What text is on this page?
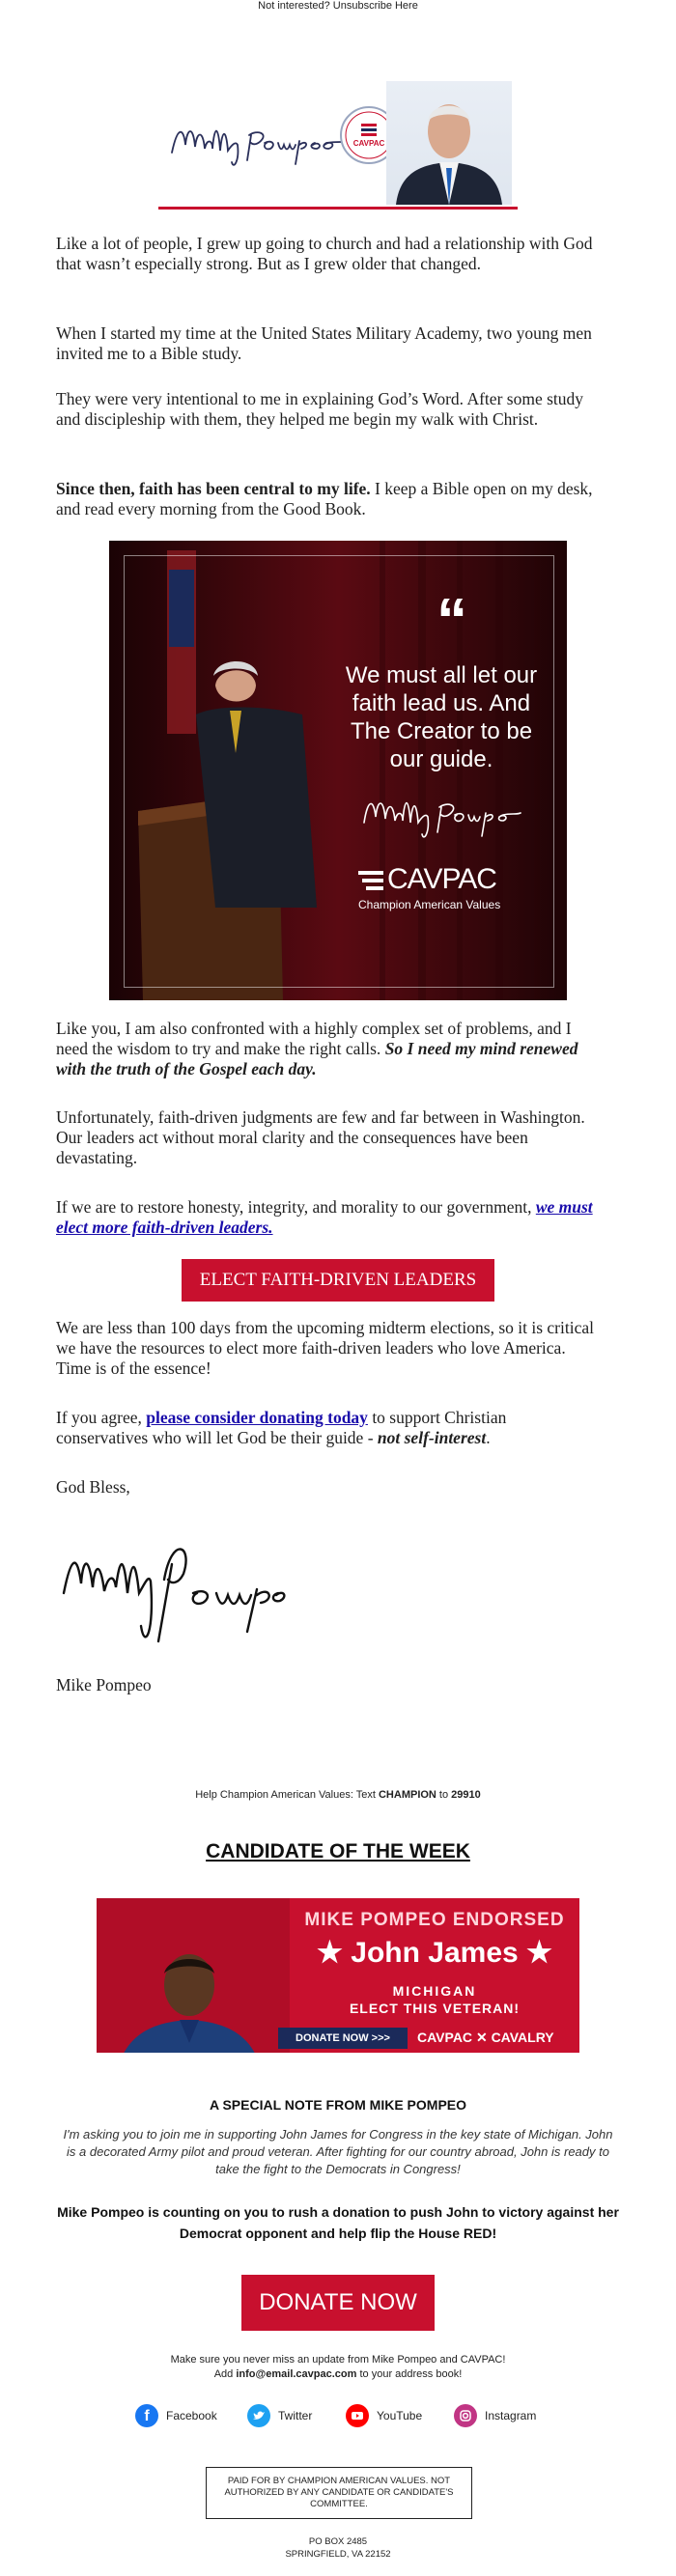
Not interested? Unsubscribe Here
CAVPAC

Like a lot of people, I grew up going to church and had a relationship with God that wasn’t especially strong. But as I grew older that changed.

When I started my time at the United States Military Academy, two young men invited me to a Bible study.

They were very intentional to me in explaining God’s Word. After some study and discipleship with them, they helped me begin my walk with Christ.

Since then, faith has been central to my life. I keep a Bible open on my desk, and read every morning from the Good Book.

“
We must all let our faith lead us. And The Creator to be our guide.
CAVPAC
Champion American Values

Like you, I am also confronted with a highly complex set of problems, and I need the wisdom to try and make the right calls. So I need my mind renewed with the truth of the Gospel each day.

Unfortunately, faith-driven judgments are few and far between in Washington. Our leaders act without moral clarity and the consequences have been devastating.

If we are to restore honesty, integrity, and morality to our government, we must elect more faith-driven leaders.

ELECT FAITH-DRIVEN LEADERS

We are less than 100 days from the upcoming midterm elections, so it is critical we have the resources to elect more faith-driven leaders who love America. Time is of the essence!

If you agree, please consider donating today to support Christian conservatives who will let God be their guide - not self-interest.

God Bless,

Mike Pompeo

Help Champion American Values: Text CHAMPION to 29910
CANDIDATE OF THE WEEK
MIKE POMPEO ENDORSED
★ John James ★
MICHIGAN
ELECT THIS VETERAN!
DONATE NOW >>>	CAVPAC ✕ CAVALRY
A SPECIAL NOTE FROM MIKE POMPEO
I'm asking you to join me in supporting John James for Congress in the key state of Michigan. John is a decorated Army pilot and proud veteran. After fighting for our country abroad, John is ready to take the fight to the Democrats in Congress!
Mike Pompeo is counting on you to rush a donation to push John to victory against her Democrat opponent and help flip the House RED!
DONATE NOW
Make sure you never miss an update from Mike Pompeo and CAVPAC!
Add info@email.cavpac.com to your address book!
f	Facebook	Twitter	YouTube	Instagram
PAID FOR BY CHAMPION AMERICAN VALUES. NOT AUTHORIZED BY ANY CANDIDATE OR CANDIDATE'S COMMITTEE.
PO BOX 2485
SPRINGFIELD, VA 22152
